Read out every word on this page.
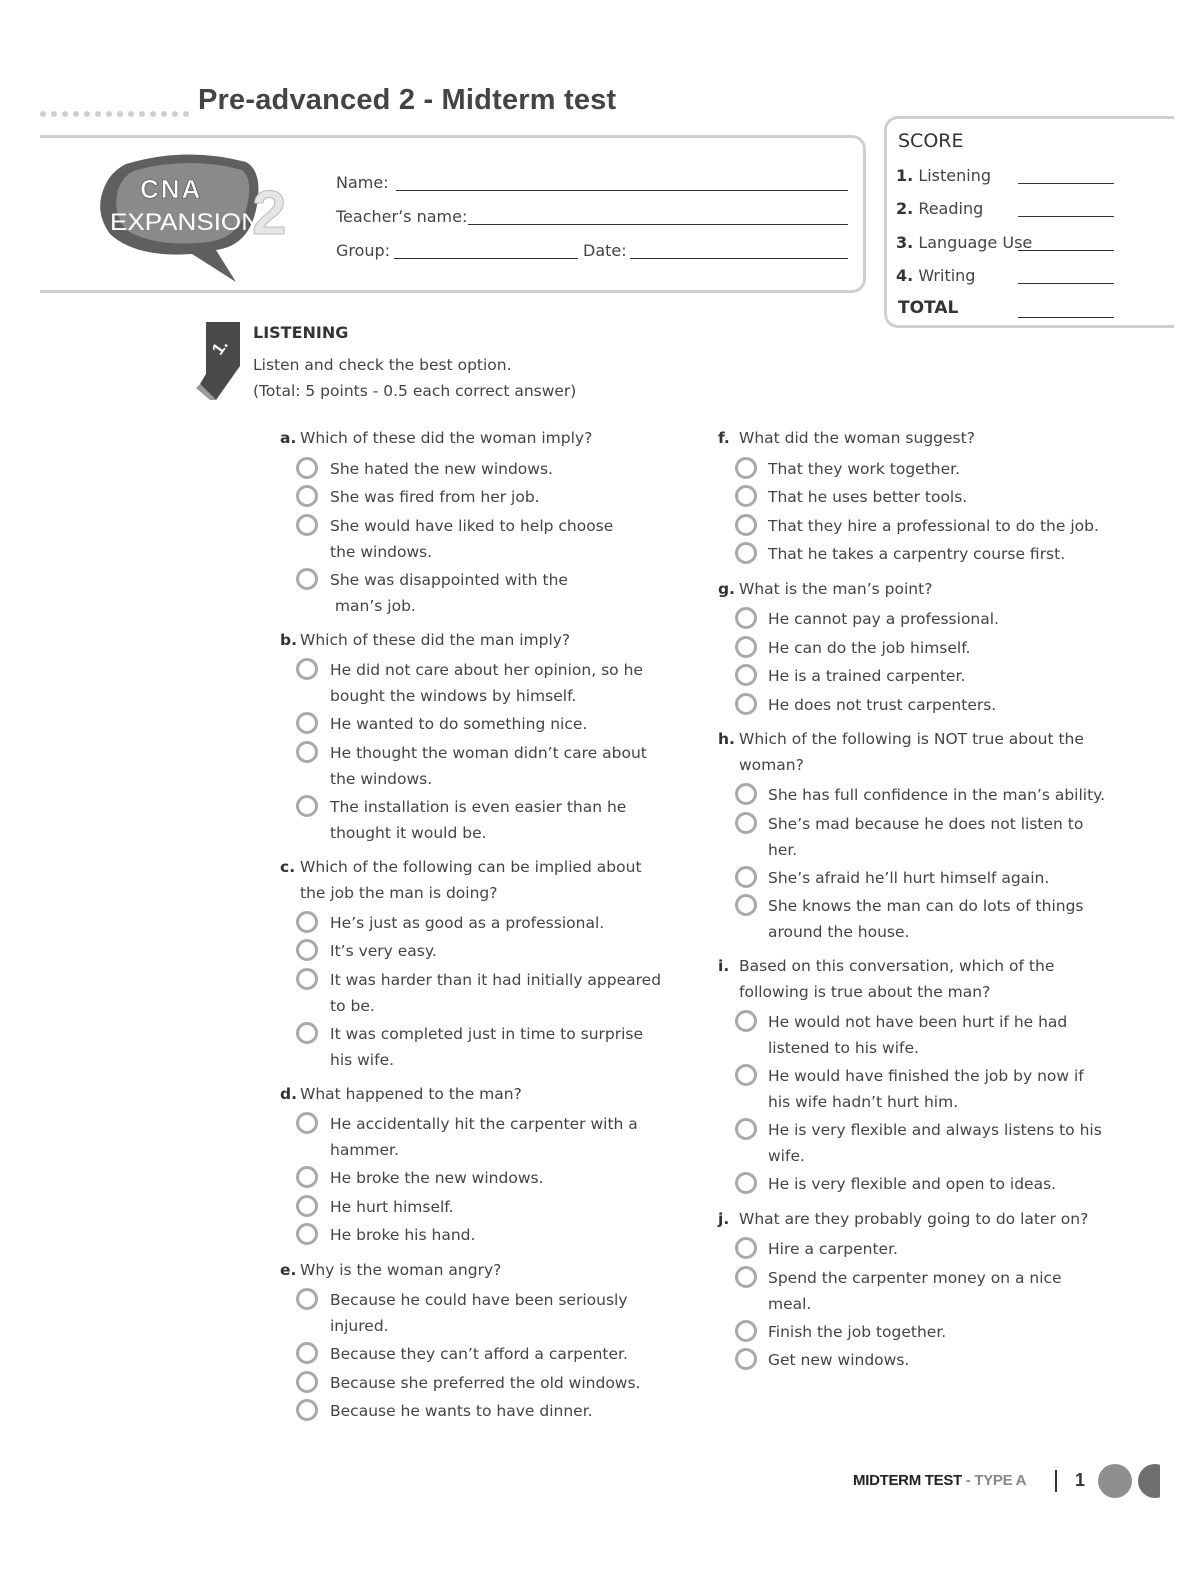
Pre-advanced 2 - Midterm test
CNA
EXPANSION
2	Name:
Teacher’s name:
Group:	Date:
SCORE
1. Listening
2. Reading
3. Language Use
4. Writing
TOTAL
1.
LISTENING
Listen and check the best option.
(Total: 5 points - 0.5 each correct answer)
a. Which of these did the woman imply?
She hated the new windows.
She was fired from her job.
She would have liked to help choose
the windows.
She was disappointed with the
man’s job.
b. Which of these did the man imply?
He did not care about her opinion, so he
bought the windows by himself.
He wanted to do something nice.
He thought the woman didn’t care about
the windows.
The installation is even easier than he
thought it would be.
c. Which of the following can be implied about
the job the man is doing?
He’s just as good as a professional.
It’s very easy.
It was harder than it had initially appeared
to be.
It was completed just in time to surprise
his wife.
d. What happened to the man?
He accidentally hit the carpenter with a
hammer.
He broke the new windows.
He hurt himself.
He broke his hand.
e. Why is the woman angry?
Because he could have been seriously
injured.
Because they can’t afford a carpenter.
Because she preferred the old windows.
Because he wants to have dinner.
f. What did the woman suggest?
That they work together.
That he uses better tools.
That they hire a professional to do the job.
That he takes a carpentry course first.
g. What is the man’s point?
He cannot pay a professional.
He can do the job himself.
He is a trained carpenter.
He does not trust carpenters.
h. Which of the following is NOT true about the
woman?
She has full confidence in the man’s ability.
She’s mad because he does not listen to
her.
She’s afraid he’ll hurt himself again.
She knows the man can do lots of things
around the house.
i. Based on this conversation, which of the
following is true about the man?
He would not have been hurt if he had
listened to his wife.
He would have finished the job by now if
his wife hadn’t hurt him.
He is very flexible and always listens to his
wife.
He is very flexible and open to ideas.
j. What are they probably going to do later on?
Hire a carpenter.
Spend the carpenter money on a nice
meal.
Finish the job together.
Get new windows.
MIDTERM TEST - TYPE A	1
